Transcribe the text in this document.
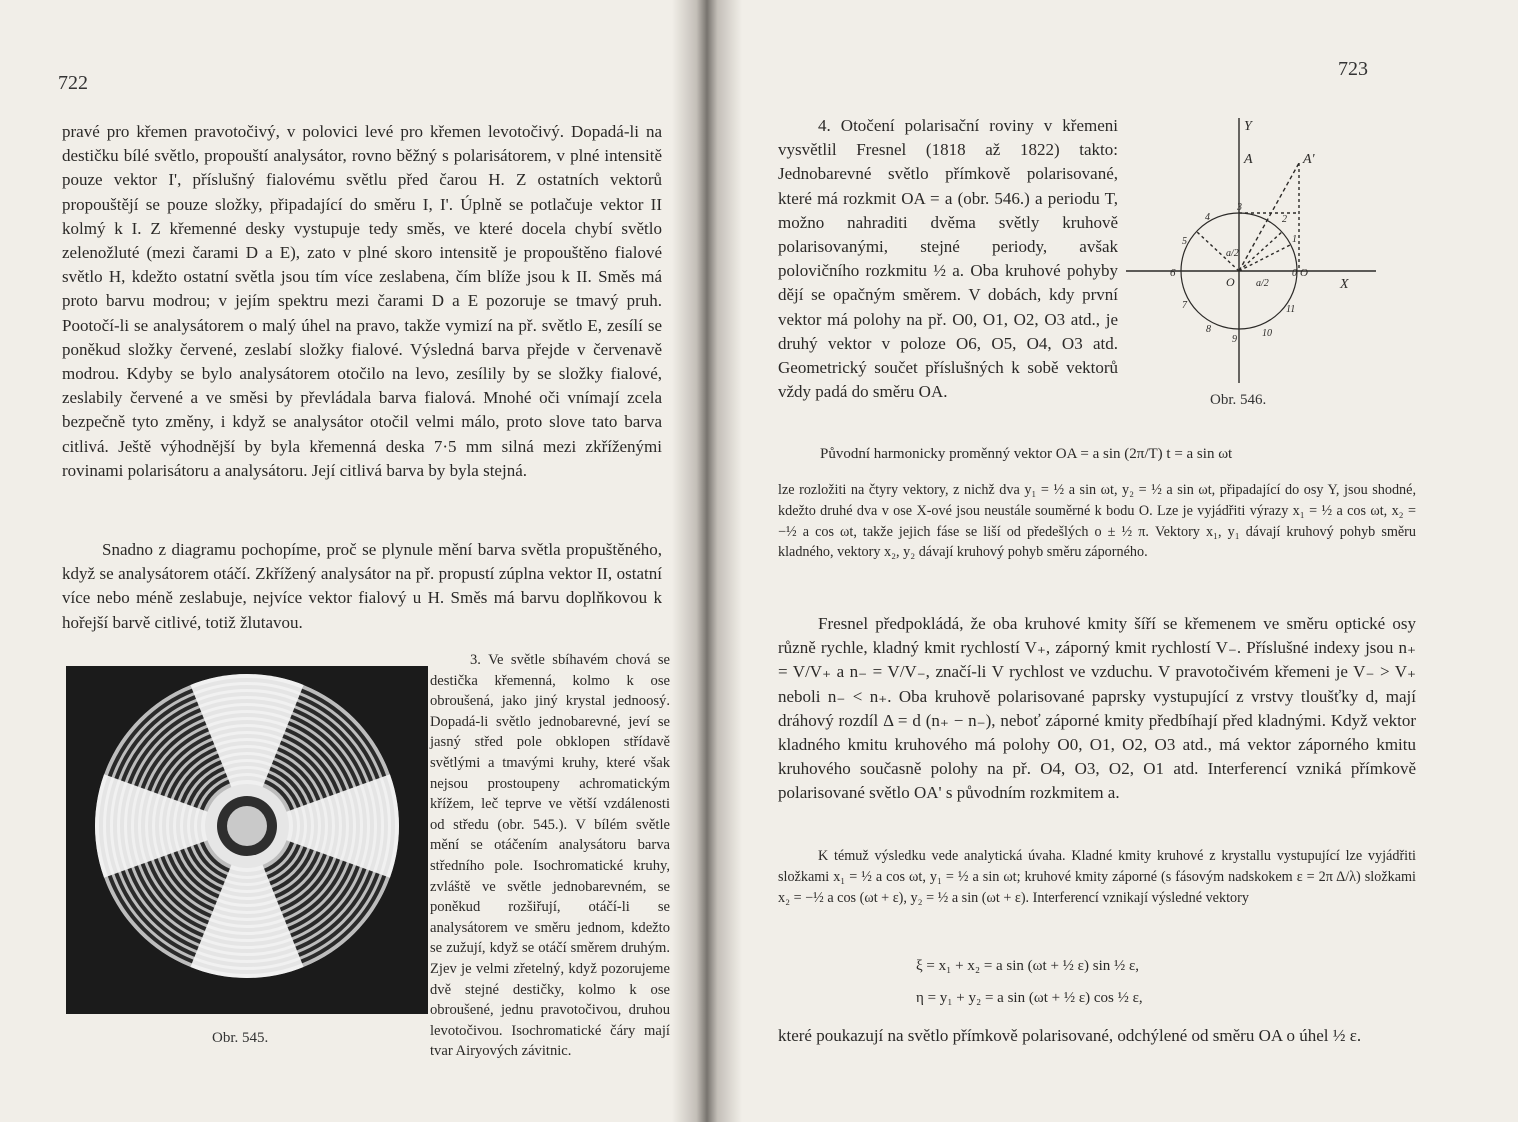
722

pravé pro křemen pravotočivý, v polovici levé pro křemen levotočivý. Dopadá-li na destičku bílé světlo, propouští analysátor, rovno běžný s polarisátorem, v plné intensitě pouze vektor I', příslušný fialovému světlu před čarou H. Z ostatních vektorů propouštějí se pouze složky, připadající do směru I, I'. Úplně se potlačuje vektor II kolmý k I. Z křemenné desky vystupuje tedy směs, ve které docela chybí světlo zelenožluté (mezi čarami D a E), zato v plné skoro intensitě je propouštěno fialové světlo H, kdežto ostatní světla jsou tím více zeslabena, čím blíže jsou k II. Směs má proto barvu modrou; v jejím spektru mezi čarami D a E pozoruje se tmavý pruh. Pootočí-li se analysátorem o malý úhel na pravo, takže vymizí na př. světlo E, zesílí se poněkud složky červené, zeslabí složky fialové. Výsledná barva přejde v červenavě modrou. Kdyby se bylo analysátorem otočilo na levo, zesílily by se složky fialové, zeslabily červené a ve směsi by převládala barva fialová. Mnohé oči vnímají zcela bezpečně tyto změny, i když se analysátor otočil velmi málo, proto slove tato barva citlivá. Ještě výhodnější by byla křemenná deska 7·5 mm silná mezi zkříženými rovinami polarisátoru a analysátoru. Její citlivá barva by byla stejná.

Snadno z diagramu pochopíme, proč se plynule mění barva světla propuštěného, když se analysátorem otáčí. Zkřížený analysátor na př. propustí zúplna vektor II, ostatní více nebo méně zeslabuje, nejvíce vektor fialový u H. Směs má barvu doplňkovou k hořejší barvě citlivé, totiž žlutavou.

Obr. 545.

3. Ve světle sbíhavém chová se destička křemenná, kolmo k ose obroušená, jako jiný krystal jednoosý. Dopadá-li světlo jednobarevné, jeví se jasný střed pole obklopen střídavě světlými a tmavými kruhy, které však nejsou prostoupeny achromatickým křížem, leč teprve ve větší vzdálenosti od středu (obr. 545.). V bílém světle mění se otáčením analysátoru barva středního pole. Isochromatické kruhy, zvláště ve světle jednobarevném, se poněkud rozšiřují, otáčí-li se analysátorem ve směru jednom, kdežto se zužují, když se otáčí směrem druhým. Zjev je velmi zřetelný, když pozorujeme dvě stejné destičky, kolmo k ose obroušené, jednu pravotočivou, druhou levotočivou. Isochromatické čáry mají tvar Airyových závitnic.

723

4. Otočení polarisační roviny v křemeni vysvětlil Fresnel (1818 až 1822) takto: Jednobarevné světlo přímkově polarisované, které má rozkmit OA = a (obr. 546.) a periodu T, možno nahraditi dvěma světly kruhově polarisovanými, stejné periody, avšak polovičního rozkmitu ½ a. Oba kruhové pohyby dějí se opačným směrem. V dobách, kdy první vektor má polohy na př. O0, O1, O2, O3 atd., je druhý vektor v poloze O6, O5, O4, O3 atd. Geometrický součet příslušných k sobě vektorů vždy padá do směru OA.	Obr. 546.
Původní harmonicky proměnný vektor OA = a sin (2π/T) t = a sin ωt

lze rozložiti na čtyry vektory, z nichž dva y₁ = ½ a sin ωt, y₂ = ½ a sin ωt, připadající do osy Y, jsou shodné, kdežto druhé dva v ose X-ové jsou neustále souměrné k bodu O. Lze je vyjádřiti výrazy x₁ = ½ a cos ωt, x₂ = −½ a cos ωt, takže jejich fáse se liší od předešlých o ± ½ π. Vektory x₁, y₁ dávají kruhový pohyb směru kladného, vektory x₂, y₂ dávají kruhový pohyb směru záporného.

Fresnel předpokládá, že oba kruhové kmity šíří se křemenem ve směru optické osy různě rychle, kladný kmit rychlostí V₊, záporný kmit rychlostí V₋. Příslušné indexy jsou n₊ = V/V₊ a n₋ = V/V₋, značí-li V rychlost ve vzduchu. V pravotočivém křemeni je V₋ > V₊ neboli n₋ < n₊. Oba kruhově polarisované paprsky vystupující z vrstvy tloušťky d, mají dráhový rozdíl Δ = d (n₊ − n₋), neboť záporné kmity předbíhají před kladnými. Když vektor kladného kmitu kruhového má polohy O0, O1, O2, O3 atd., má vektor záporného kmitu kruhového současně polohy na př. O4, O3, O2, O1 atd. Interferencí vzniká přímkově polarisované světlo OA' s původním rozkmitem a.

K témuž výsledku vede analytická úvaha. Kladné kmity kruhové z krystallu vystupující lze vyjádřiti složkami x₁ = ½ a cos ωt, y₁ = ½ a sin ωt; kruhové kmity záporné (s fásovým nadskokem ε = 2π Δ/λ) složkami x₂ = −½ a cos (ωt + ε), y₂ = ½ a sin (ωt + ε). Interferencí vznikají výsledné vektory

ξ = x₁ + x₂ = a sin (ωt + ½ ε) sin ½ ε,
η = y₁ + y₂ = a sin (ωt + ½ ε) cos ½ ε,

které poukazují na světlo přímkově polarisované, odchýlené od směru OA o úhel ½ ε.

Y
A	A'
X
O
O
6
1
2
3
4
5
7
8
9
10
11
a/2
a/2
0
